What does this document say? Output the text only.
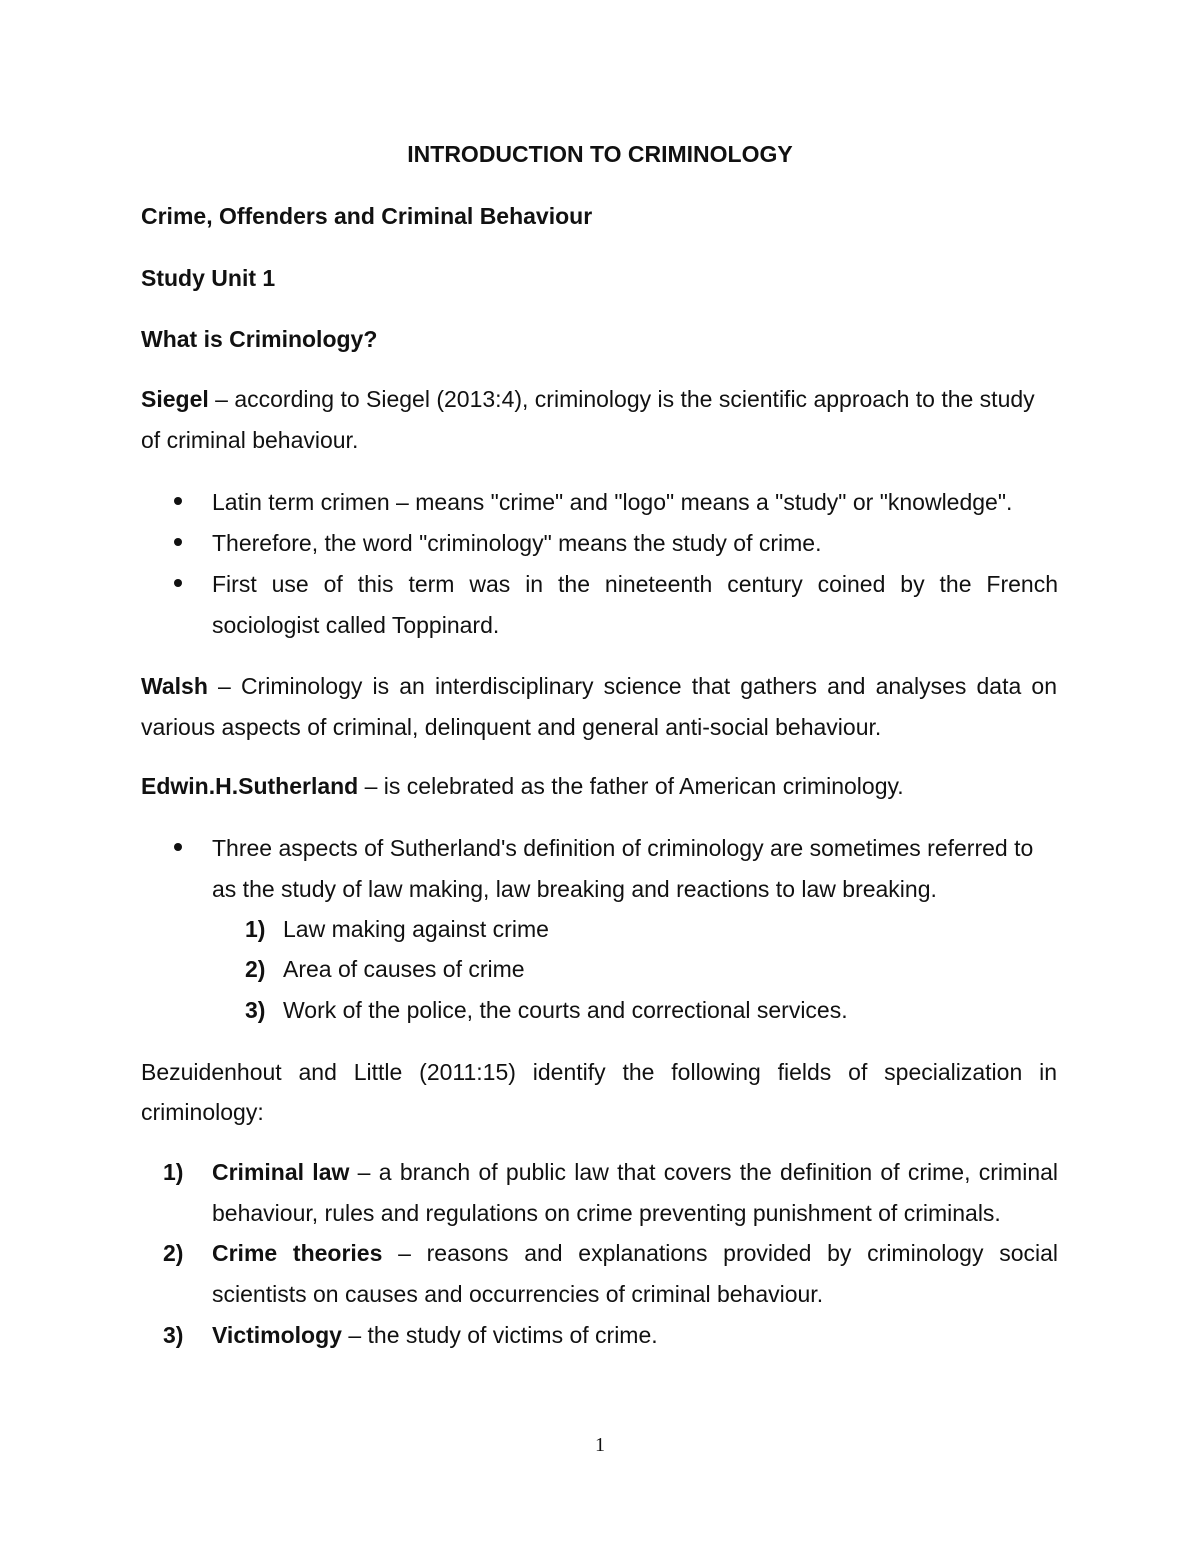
INTRODUCTION TO CRIMINOLOGY

Crime, Offenders and Criminal Behaviour

Study Unit 1

What is Criminology?

Siegel – according to Siegel (2013:4), criminology is the scientific approach to the study

of criminal behaviour.

Latin term crimen – means "crime" and "logo" means a "study" or "knowledge".

Therefore, the word "criminology" means the study of crime.

First use of this term was in the nineteenth century coined by the French

sociologist called Toppinard.

Walsh – Criminology is an interdisciplinary science that gathers and analyses data on

various aspects of criminal, delinquent and general anti-social behaviour.

Edwin.H.Sutherland – is celebrated as the father of American criminology.

Three aspects of Sutherland's definition of criminology are sometimes referred to

as the study of law making, law breaking and reactions to law breaking.

1) Law making against crime

2) Area of causes of crime

3) Work of the police, the courts and correctional services.

Bezuidenhout and Little (2011:15) identify the following fields of specialization in

criminology:

1) Criminal law – a branch of public law that covers the definition of crime, criminal

behaviour, rules and regulations on crime preventing punishment of criminals.

2) Crime theories – reasons and explanations provided by criminology social

scientists on causes and occurrencies of criminal behaviour.

3) Victimology – the study of victims of crime.

1
